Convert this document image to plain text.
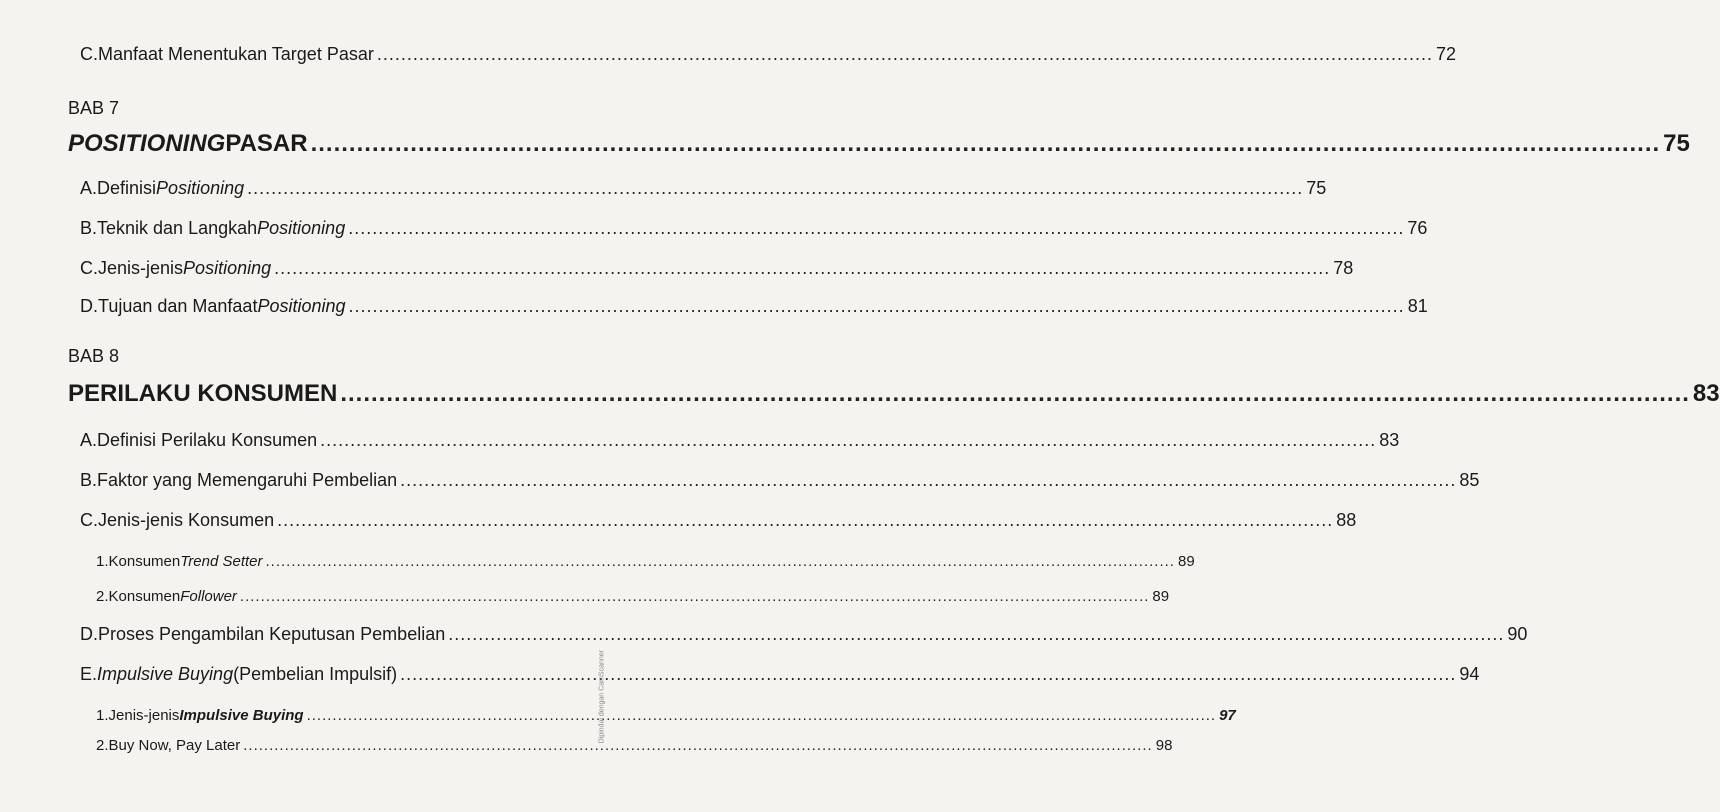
C. Manfaat Menentukan Target Pasar .....	72
BAB 7
POSITIONING PASAR .....	75
A. Definisi Positioning .....	75
B. Teknik dan Langkah Positioning .....	76
C. Jenis-jenis Positioning .....	78
D. Tujuan dan Manfaat Positioning .....	81
BAB 8
PERILAKU KONSUMEN .....	83
A. Definisi Perilaku Konsumen .....	83
B. Faktor yang Memengaruhi Pembelian .....	85
C. Jenis-jenis Konsumen .....	88
1. Konsumen Trend Setter .....	89
2. Konsumen Follower .....	89
D. Proses Pengambilan Keputusan Pembelian .....	90
E. Impulsive Buying (Pembelian Impulsif) .....	94
1. Jenis-jenis Impulsive Buying .....	97
2. Buy Now, Pay Later .....	98
Dipindai dengan CamScanner
